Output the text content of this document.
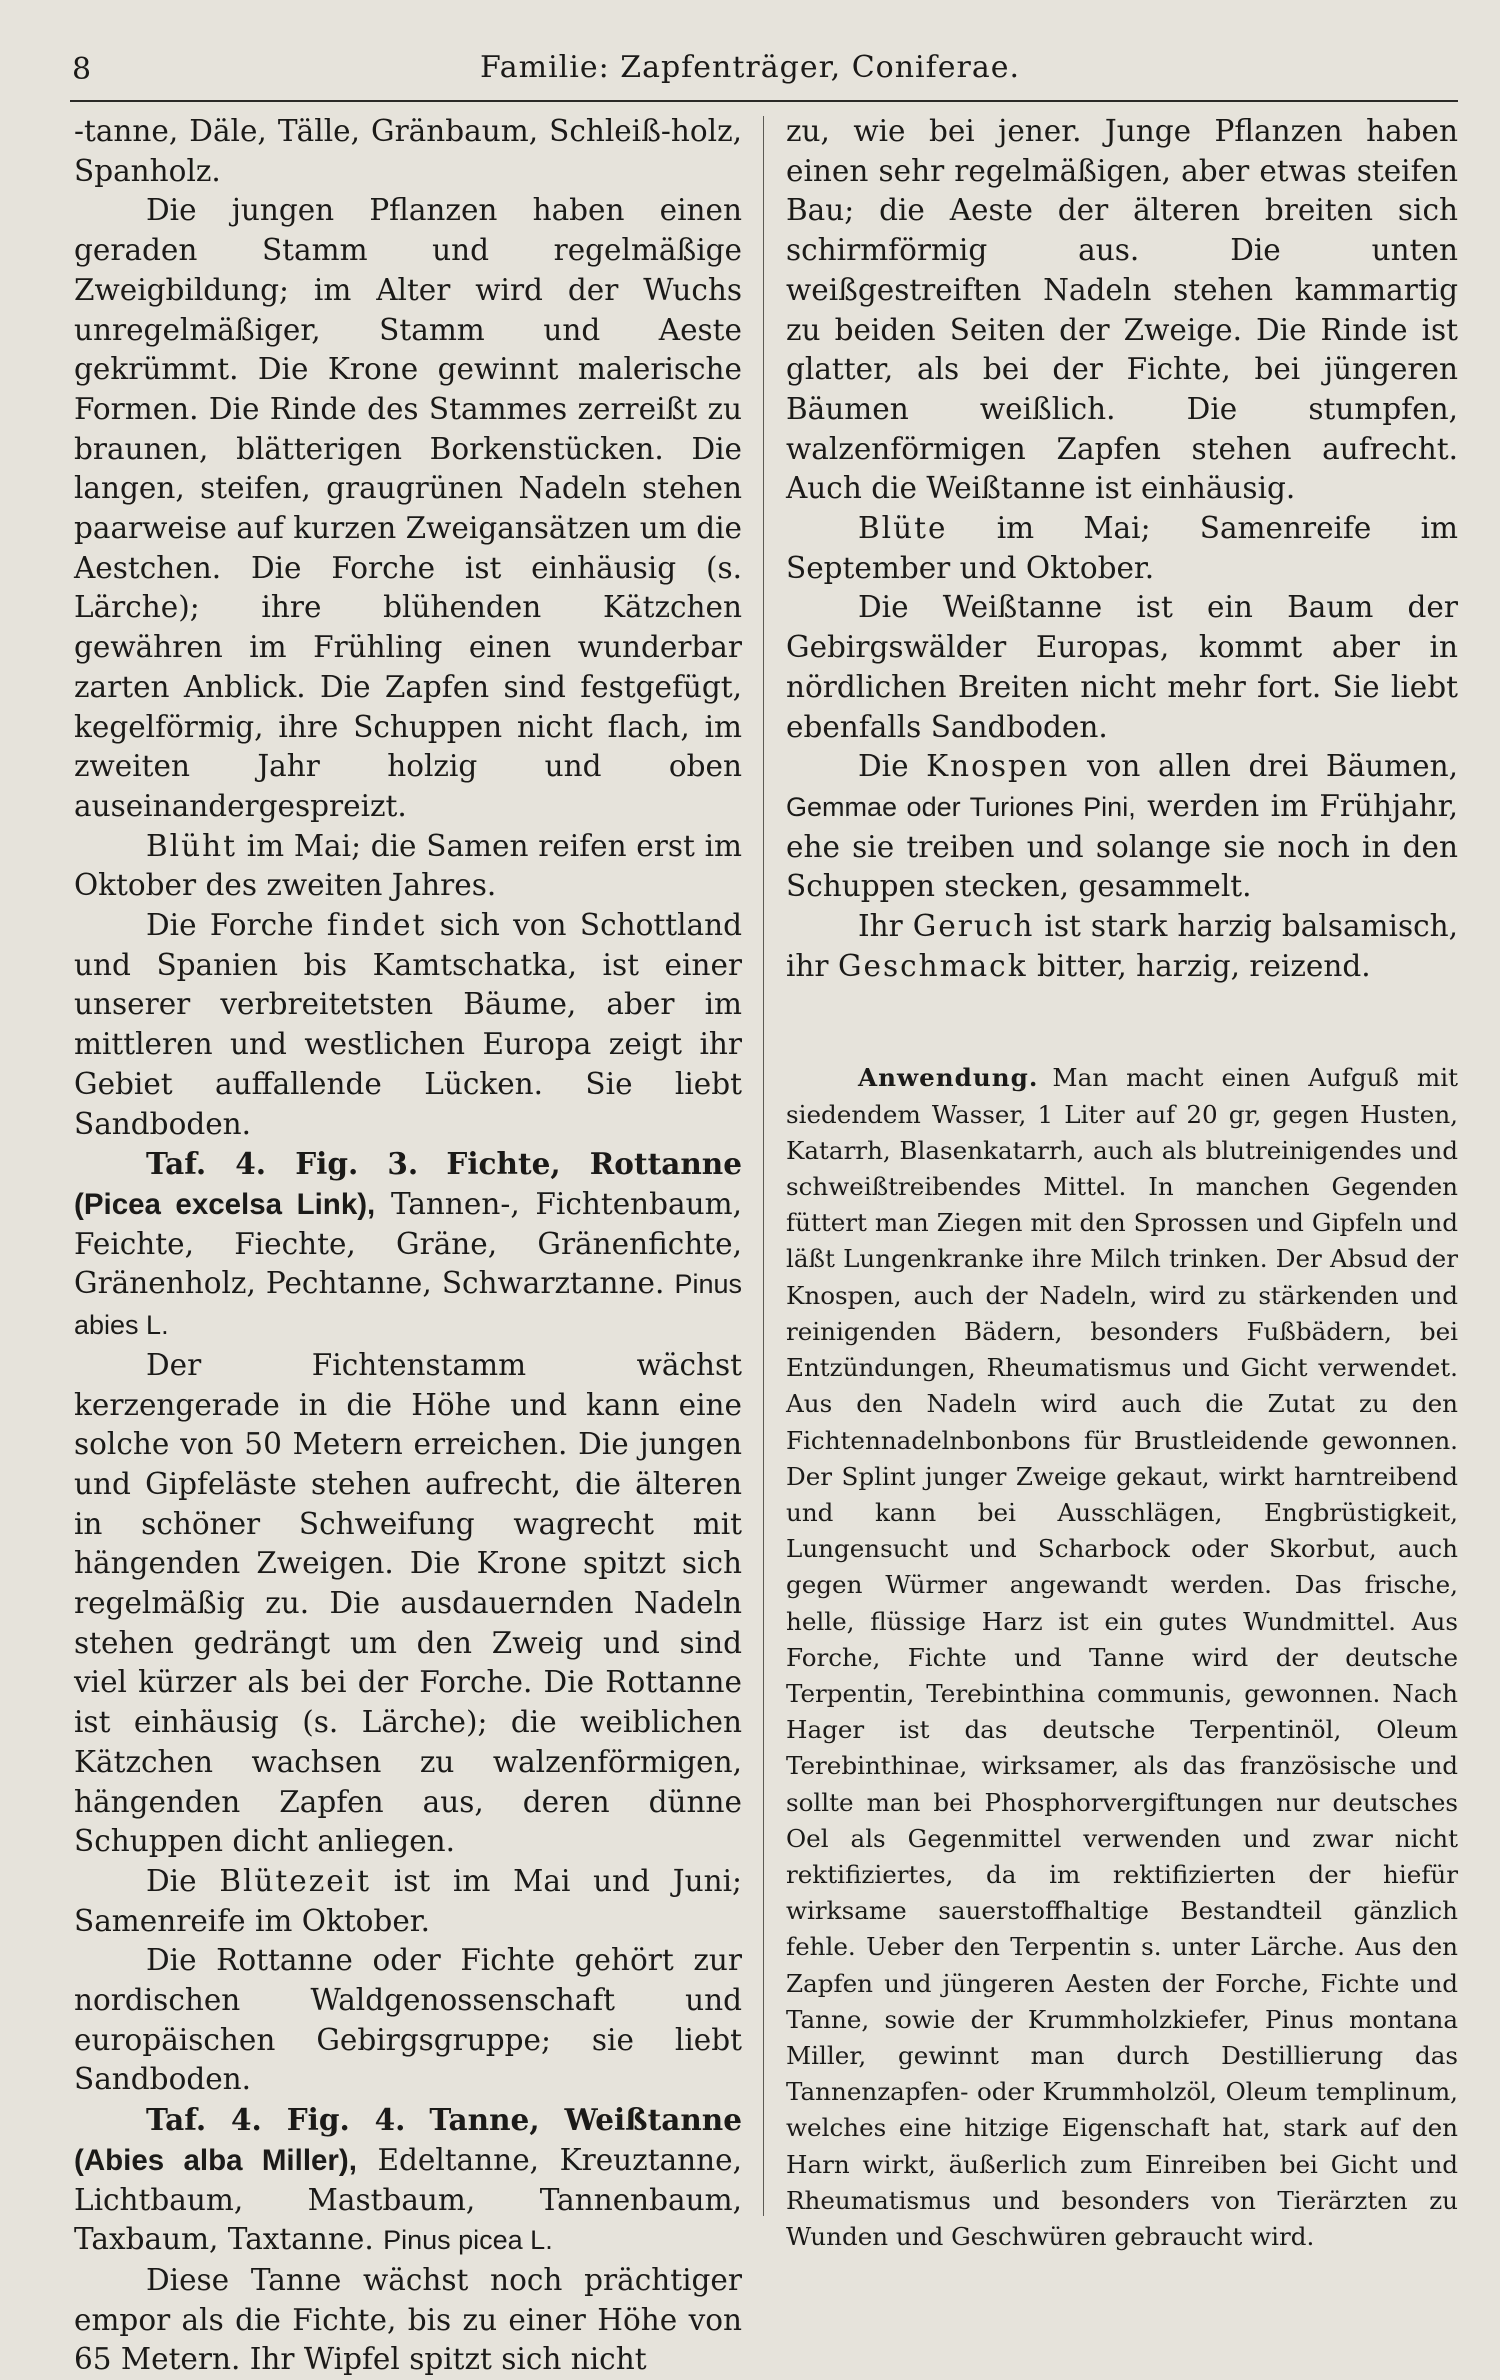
8	Familie: Zapfenträger, Coniferae.

-tanne, Däle, Tälle, Gränbaum, Schleiß-holz, Spanholz.

Die jungen Pflanzen haben einen geraden Stamm und regelmäßige Zweigbildung; im Alter wird der Wuchs unregelmäßiger, Stamm und Aeste gekrümmt. Die Krone gewinnt malerische Formen. Die Rinde des Stammes zerreißt zu braunen, blätterigen Borkenstücken. Die langen, steifen, graugrünen Nadeln stehen paarweise auf kurzen Zweigansätzen um die Aestchen. Die Forche ist einhäusig (s. Lärche); ihre blühenden Kätzchen gewähren im Frühling einen wunderbar zarten Anblick. Die Zapfen sind festgefügt, kegelförmig, ihre Schuppen nicht flach, im zweiten Jahr holzig und oben auseinandergespreizt.

Blüht im Mai; die Samen reifen erst im Oktober des zweiten Jahres.

Die Forche findet sich von Schottland und Spanien bis Kamtschatka, ist einer unserer verbreitetsten Bäume, aber im mittleren und westlichen Europa zeigt ihr Gebiet auffallende Lücken. Sie liebt Sandboden.

Taf. 4. Fig. 3. Fichte, Rottanne (Picea excelsa Link), Tannen-, Fichtenbaum, Feichte, Fiechte, Gräne, Gränenfichte, Gränenholz, Pechtanne, Schwarztanne. Pinus abies L.

Der Fichtenstamm wächst kerzengerade in die Höhe und kann eine solche von 50 Metern erreichen. Die jungen und Gipfeläste stehen aufrecht, die älteren in schöner Schweifung wagrecht mit hängenden Zweigen. Die Krone spitzt sich regelmäßig zu. Die ausdauernden Nadeln stehen gedrängt um den Zweig und sind viel kürzer als bei der Forche. Die Rottanne ist einhäusig (s. Lärche); die weiblichen Kätzchen wachsen zu walzenförmigen, hängenden Zapfen aus, deren dünne Schuppen dicht anliegen.

Die Blütezeit ist im Mai und Juni; Samenreife im Oktober.

Die Rottanne oder Fichte gehört zur nordischen Waldgenossenschaft und europäischen Gebirgsgruppe; sie liebt Sandboden.

Taf. 4. Fig. 4. Tanne, Weißtanne (Abies alba Miller), Edeltanne, Kreuztanne, Lichtbaum, Mastbaum, Tannenbaum, Taxbaum, Taxtanne. Pinus picea L.

Diese Tanne wächst noch prächtiger empor als die Fichte, bis zu einer Höhe von 65 Metern. Ihr Wipfel spitzt sich nicht

zu, wie bei jener. Junge Pflanzen haben einen sehr regelmäßigen, aber etwas steifen Bau; die Aeste der älteren breiten sich schirmförmig aus. Die unten weißgestreiften Nadeln stehen kammartig zu beiden Seiten der Zweige. Die Rinde ist glatter, als bei der Fichte, bei jüngeren Bäumen weißlich. Die stumpfen, walzenförmigen Zapfen stehen aufrecht. Auch die Weißtanne ist einhäusig.

Blüte im Mai; Samenreife im September und Oktober.

Die Weißtanne ist ein Baum der Gebirgswälder Europas, kommt aber in nördlichen Breiten nicht mehr fort. Sie liebt ebenfalls Sandboden.

Die Knospen von allen drei Bäumen, Gemmae oder Turiones Pini, werden im Frühjahr, ehe sie treiben und solange sie noch in den Schuppen stecken, gesammelt.

Ihr Geruch ist stark harzig balsamisch, ihr Geschmack bitter, harzig, reizend.

Anwendung. Man macht einen Aufguß mit siedendem Wasser, 1 Liter auf 20 gr, gegen Husten, Katarrh, Blasenkatarrh, auch als blutreinigendes und schweißtreibendes Mittel. In manchen Gegenden füttert man Ziegen mit den Sprossen und Gipfeln und läßt Lungenkranke ihre Milch trinken. Der Absud der Knospen, auch der Nadeln, wird zu stärkenden und reinigenden Bädern, besonders Fußbädern, bei Entzündungen, Rheumatismus und Gicht verwendet. Aus den Nadeln wird auch die Zutat zu den Fichtennadelnbonbons für Brustleidende gewonnen. Der Splint junger Zweige gekaut, wirkt harntreibend und kann bei Ausschlägen, Engbrüstigkeit, Lungensucht und Scharbock oder Skorbut, auch gegen Würmer angewandt werden. Das frische, helle, flüssige Harz ist ein gutes Wundmittel. Aus Forche, Fichte und Tanne wird der deutsche Terpentin, Terebinthina communis, gewonnen. Nach Hager ist das deutsche Terpentinöl, Oleum Terebinthinae, wirksamer, als das französische und sollte man bei Phosphorvergiftungen nur deutsches Oel als Gegenmittel verwenden und zwar nicht rektifiziertes, da im rektifizierten der hiefür wirksame sauerstoffhaltige Bestandteil gänzlich fehle. Ueber den Terpentin s. unter Lärche. Aus den Zapfen und jüngeren Aesten der Forche, Fichte und Tanne, sowie der Krummholzkiefer, Pinus montana Miller, gewinnt man durch Destillierung das Tannenzapfen- oder Krummholzöl, Oleum templinum, welches eine hitzige Eigenschaft hat, stark auf den Harn wirkt, äußerlich zum Einreiben bei Gicht und Rheumatismus und besonders von Tierärzten zu Wunden und Geschwüren gebraucht wird.
